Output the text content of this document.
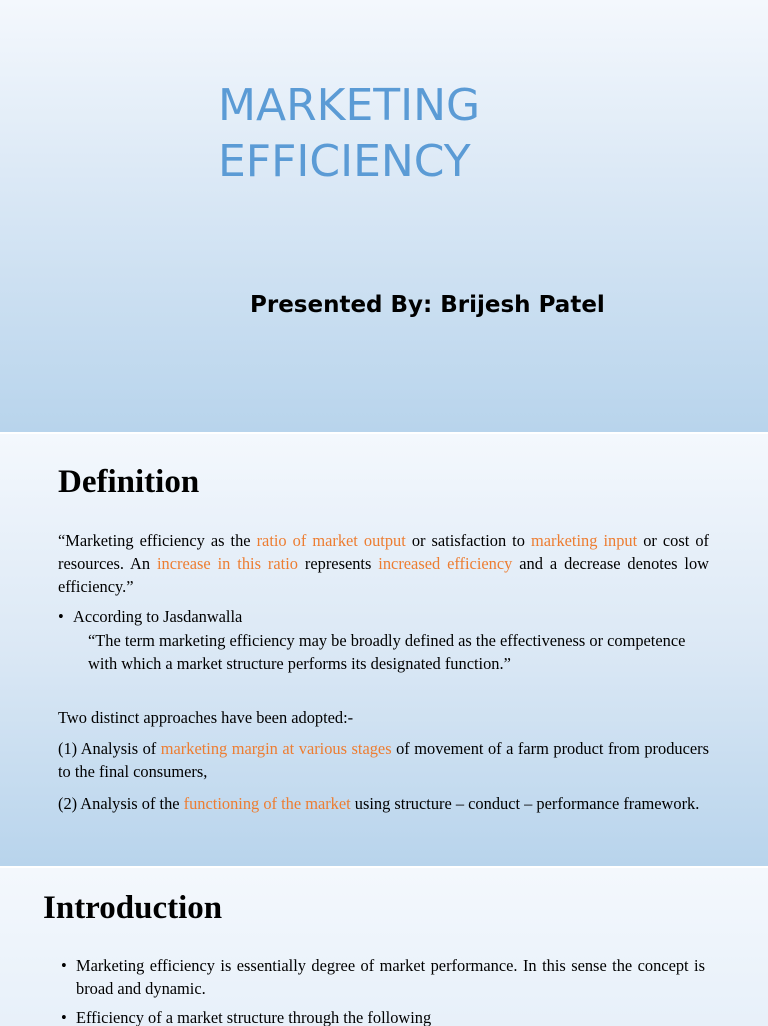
MARKETING
EFFICIENCY
Presented By: Brijesh Patel
Definition
“Marketing efficiency as the ratio of market output or satisfaction to marketing input or cost of resources. An increase in this ratio represents increased efficiency and a decrease denotes low efficiency.”
• According to Jasdanwalla
“The term marketing efficiency may be broadly defined as the effectiveness or competence with which a market structure performs its designated function.”
Two distinct approaches have been adopted:-
(1) Analysis of marketing margin at various stages of movement of a farm product from producers to the final consumers,
(2) Analysis of the functioning of the market using structure – conduct – performance framework.
Introduction
• Marketing efficiency is essentially degree of market performance. In this sense the concept is broad and dynamic.
• Efficiency of a market structure through the following
